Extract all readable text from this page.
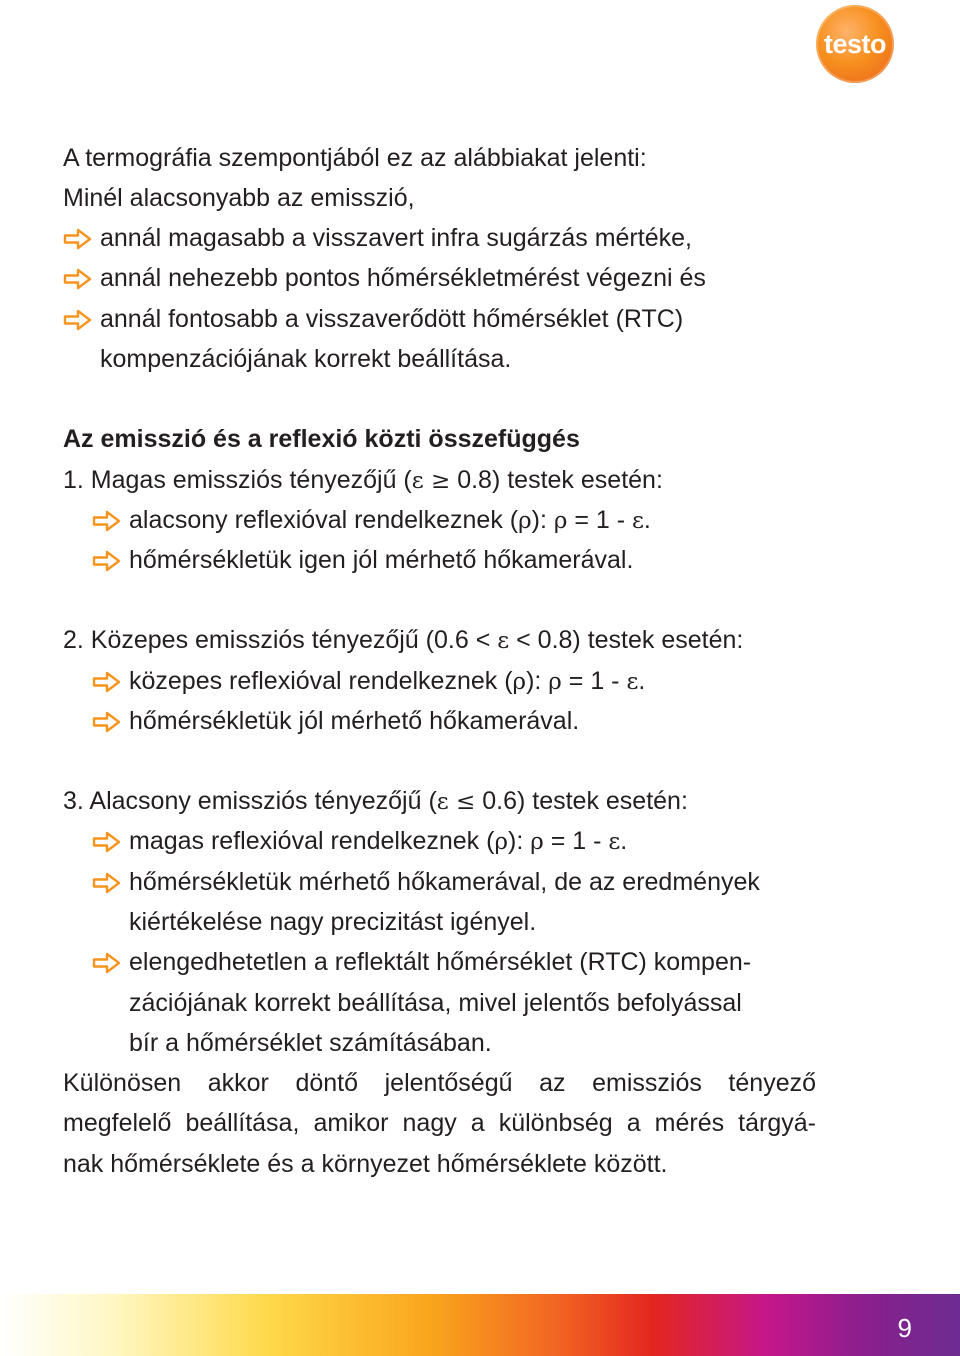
testo
A termográfia szempontjából ez az alábbiakat jelenti:
Minél alacsonyabb az emisszió,
annál magasabb a visszavert infra sugárzás mértéke,
annál nehezebb pontos hőmérsékletmérést végezni és
annál fontosabb a visszaverődött hőmérséklet (RTC)
kompenzációjának korrekt beállítása.
Az emisszió és a reflexió közti összefüggés
1. Magas emissziós tényezőjű (ε ≥ 0.8) testek esetén:
alacsony reflexióval rendelkeznek (ρ): ρ = 1 - ε.
hőmérsékletük igen jól mérhető hőkamerával.
2. Közepes emissziós tényezőjű (0.6 < ε < 0.8) testek esetén:
közepes reflexióval rendelkeznek (ρ): ρ = 1 - ε.
hőmérsékletük jól mérhető hőkamerával.
3. Alacsony emissziós tényezőjű (ε ≤ 0.6) testek esetén:
magas reflexióval rendelkeznek (ρ): ρ = 1 - ε.
hőmérsékletük mérhető hőkamerával, de az eredmények
kiértékelése nagy precizitást igényel.
elengedhetetlen a reflektált hőmérséklet (RTC) kompen-
zációjának korrekt beállítása, mivel jelentős befolyással
bír a hőmérséklet számításában.
Különösen akkor döntő jelentőségű az emissziós tényező
megfelelő beállítása, amikor nagy a különbség a mérés tárgyá-
nak hőmérséklete és a környezet hőmérséklete között.
9
